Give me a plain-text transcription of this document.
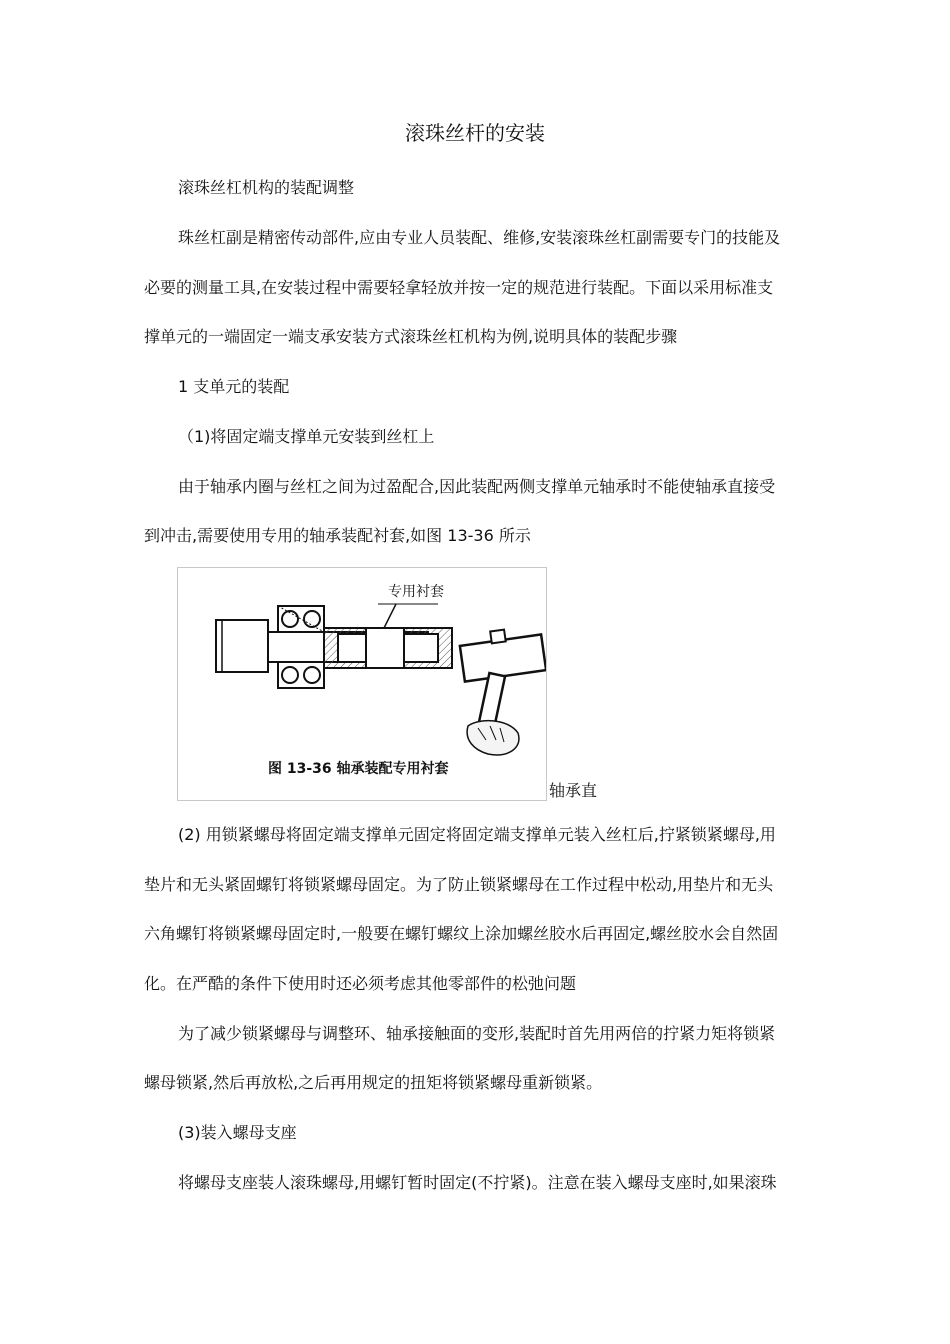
滚珠丝杆的安装
滚珠丝杠机构的装配调整
珠丝杠副是精密传动部件,应由专业人员装配、维修,安装滚珠丝杠副需要专门的技能及
必要的测量工具,在安装过程中需要轻拿轻放并按一定的规范进行装配。下面以采用标准支
撑单元的一端固定一端支承安装方式滚珠丝杠机构为例,说明具体的装配步骤
1 支单元的装配
（1)将固定端支撑单元安装到丝杠上
由于轴承内圈与丝杠之间为过盈配合,因此装配两侧支撑单元轴承时不能使轴承直接受
到冲击,需要使用专用的轴承装配衬套,如图 13-36 所示
专用衬套
图 13-36 轴承装配专用衬套
轴承直
(2) 用锁紧螺母将固定端支撑单元固定将固定端支撑单元装入丝杠后,拧紧锁紧螺母,用
垫片和无头紧固螺钉将锁紧螺母固定。为了防止锁紧螺母在工作过程中松动,用垫片和无头
六角螺钉将锁紧螺母固定时,一般要在螺钉螺纹上涂加螺丝胶水后再固定,螺丝胶水会自然固
化。在严酷的条件下使用时还必须考虑其他零部件的松弛问题
为了减少锁紧螺母与调整环、轴承接触面的变形,装配时首先用两倍的拧紧力矩将锁紧
螺母锁紧,然后再放松,之后再用规定的扭矩将锁紧螺母重新锁紧。
(3)装入螺母支座
将螺母支座装人滚珠螺母,用螺钉暂时固定(不拧紧)。注意在装入螺母支座时,如果滚珠
